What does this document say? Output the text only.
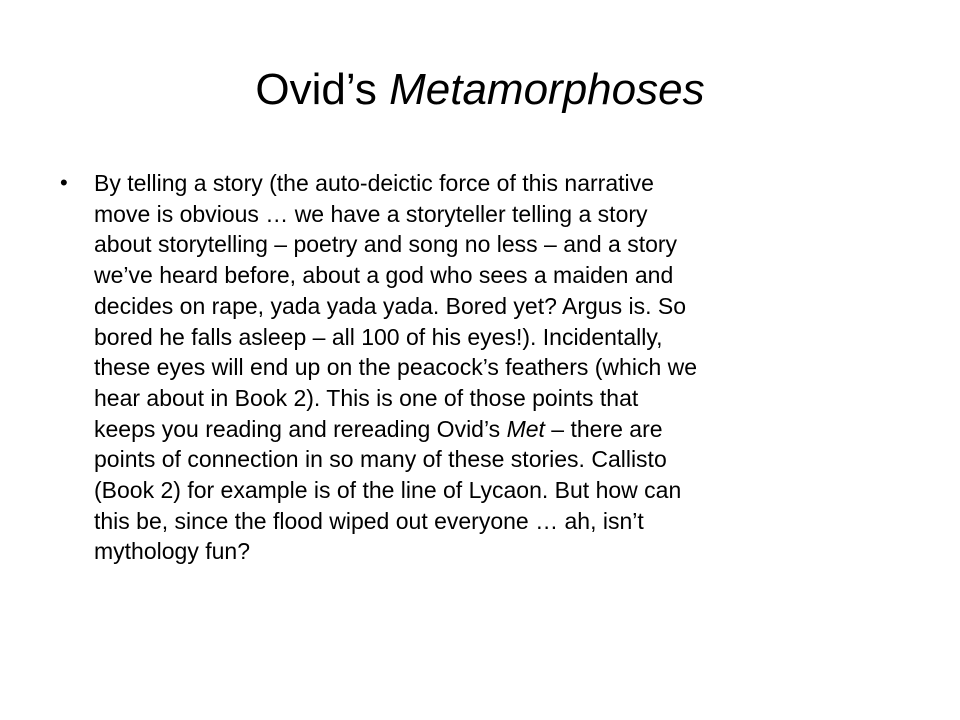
Ovid’s Metamorphoses
• By telling a story (the auto-deictic force of this narrative
move is obvious … we have a storyteller telling a story
about storytelling – poetry and song no less – and a story
we’ve heard before, about a god who sees a maiden and
decides on rape, yada yada yada. Bored yet? Argus is. So
bored he falls asleep – all 100 of his eyes!). Incidentally,
these eyes will end up on the peacock’s feathers (which we
hear about in Book 2). This is one of those points that
keeps you reading and rereading Ovid’s Met – there are
points of connection in so many of these stories. Callisto
(Book 2) for example is of the line of Lycaon. But how can
this be, since the flood wiped out everyone … ah, isn’t
mythology fun?
